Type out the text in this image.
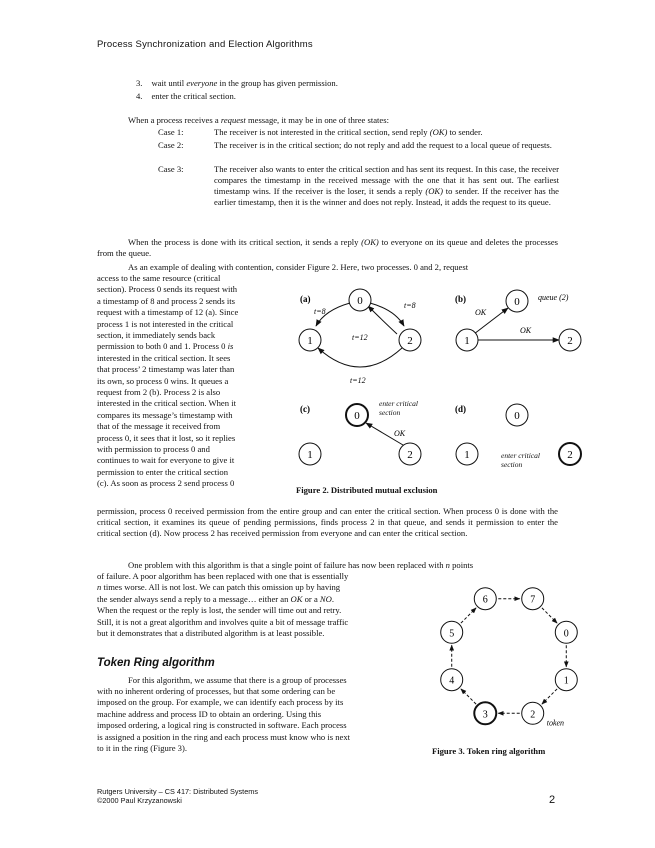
Process Synchronization and Election Algorithms
3. wait until everyone in the group has given permission.
4. enter the critical section.
When a process receives a request message, it may be in one of three states:
Case 1:	The receiver is not interested in the critical section, send reply (OK) to sender.
Case 2:	The receiver is in the critical section; do not reply and add the request to a local queue of requests.
Case 3:	The receiver also wants to enter the critical section and has sent its request. In this case, the receiver compares the timestamp in the received message with the one that it has sent out. The earliest timestamp wins. If the receiver is the loser, it sends a reply (OK) to sender. If the receiver has the earlier timestamp, then it is the winner and does not reply. Instead, it adds the request to its queue.
When the process is done with its critical section, it sends a reply (OK) to everyone on its queue and deletes the processes from the queue.
As an example of dealing with contention, consider Figure 2. Here, two processes. 0 and 2, request
access to the same resource (critical
section). Process 0 sends its request with
a timestamp of 8 and process 2 sends its
request with a timestamp of 12 (a). Since
process 1 is not interested in the critical
section, it immediately sends back
permission to both 0 and 1. Process 0 is
interested in the critical section. It sees
that process’ 2 timestamp was later than
its own, so process 0 wins. It queues a
request from 2 (b). Process 2 is also
interested in the critical section. When it
compares its message’s timestamp with
that of the message it received from
process 0, it sees that it lost, so it replies
with permission to process 0 and
continues to wait for everyone to give it
permission to enter the critical section
(c). As soon as process 2 send process 0
permission, process 0 received permission from the entire group and can enter the critical section. When process 0 is done with the critical section, it examines its queue of pending permissions, finds process 2 in that queue, and sends it permission to enter the critical section (d). Now process 2 has received permission from everyone and can enter the critical section.
(a)	0
1	2
t=8
t=8
t=12
t=12
(b)	0
1	2
OK
OK
queue (2)
(c)
0
1	2
enter critical section
OK
(d)
0
1	2
enter critical section
Figure 2. Distributed mutual exclusion
One problem with this algorithm is that a single point of failure has now been replaced with n points
of failure. A poor algorithm has been replaced with one that is essentially
n times worse. All is not lost. We can patch this omission up by having
the sender always send a reply to a message… either an OK or a NO.
When the request or the reply is lost, the sender will time out and retry.
Still, it is not a great algorithm and involves quite a bit of message traffic
but it demonstrates that a distributed algorithm is at least possible.
Token Ring algorithm
For this algorithm, we assume that there is a group of processes
with no inherent ordering of processes, but that some ordering can be
imposed on the group. For example, we can identify each process by its
machine address and process ID to obtain an ordering. Using this
imposed ordering, a logical ring is constructed in software. Each process
is assigned a position in the ring and each process must know who is next
to it in the ring (Figure 3).
0
1
2
3
4
5
6	7
token
Figure 3. Token ring algorithm
Rutgers University – CS 417: Distributed Systems
©2000 Paul Krzyzanowski	2
